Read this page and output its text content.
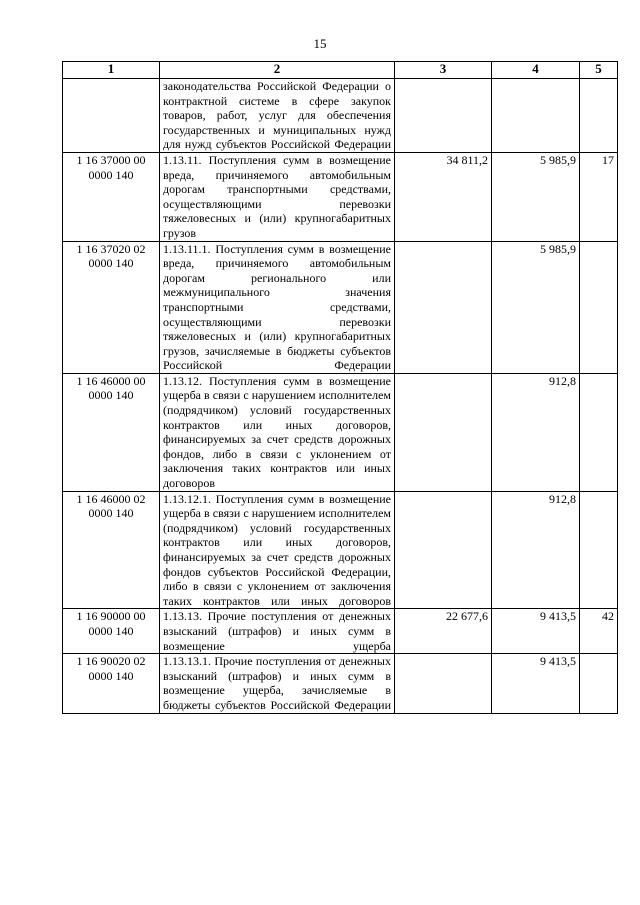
15
1	2	3	4	5
	законодательства Российской Федерации о контрактной системе в сфере закупок товаров, работ, услуг для обеспечения государственных и муниципальных нужд для нужд субъектов Российской Федерации			
1 16 37000 00 0000 140	1.13.11. Поступления сумм в возмещение вреда, причиняемого автомобильным дорогам транспортными средствами, осуществляющими перевозки тяжеловесных и (или) крупногабаритных грузов	34 811,2	5 985,9	17
1 16 37020 02 0000 140	1.13.11.1. Поступления сумм в возмещение вреда, причиняемого автомобильным дорогам регионального или межмуниципального значения транспортными средствами, осуществляющими перевозки тяжеловесных и (или) крупногабаритных грузов, зачисляемые в бюджеты субъектов Российской Федерации		5 985,9	
1 16 46000 00 0000 140	1.13.12. Поступления сумм в возмещение ущерба в связи с нарушением исполнителем (подрядчиком) условий государственных контрактов или иных договоров, финансируемых за счет средств дорожных фондов, либо в связи с уклонением от заключения таких контрактов или иных договоров		912,8	
1 16 46000 02 0000 140	1.13.12.1. Поступления сумм в возмещение ущерба в связи с нарушением исполнителем (подрядчиком) условий государственных контрактов или иных договоров, финансируемых за счет средств дорожных фондов субъектов Российской Федерации, либо в связи с уклонением от заключения таких контрактов или иных договоров		912,8	
1 16 90000 00 0000 140	1.13.13. Прочие поступления от денежных взысканий (штрафов) и иных сумм в возмещение ущерба	22 677,6	9 413,5	42
1 16 90020 02 0000 140	1.13.13.1. Прочие поступления от денежных взысканий (штрафов) и иных сумм в возмещение ущерба, зачисляемые в бюджеты субъектов Российской Федерации		9 413,5	
